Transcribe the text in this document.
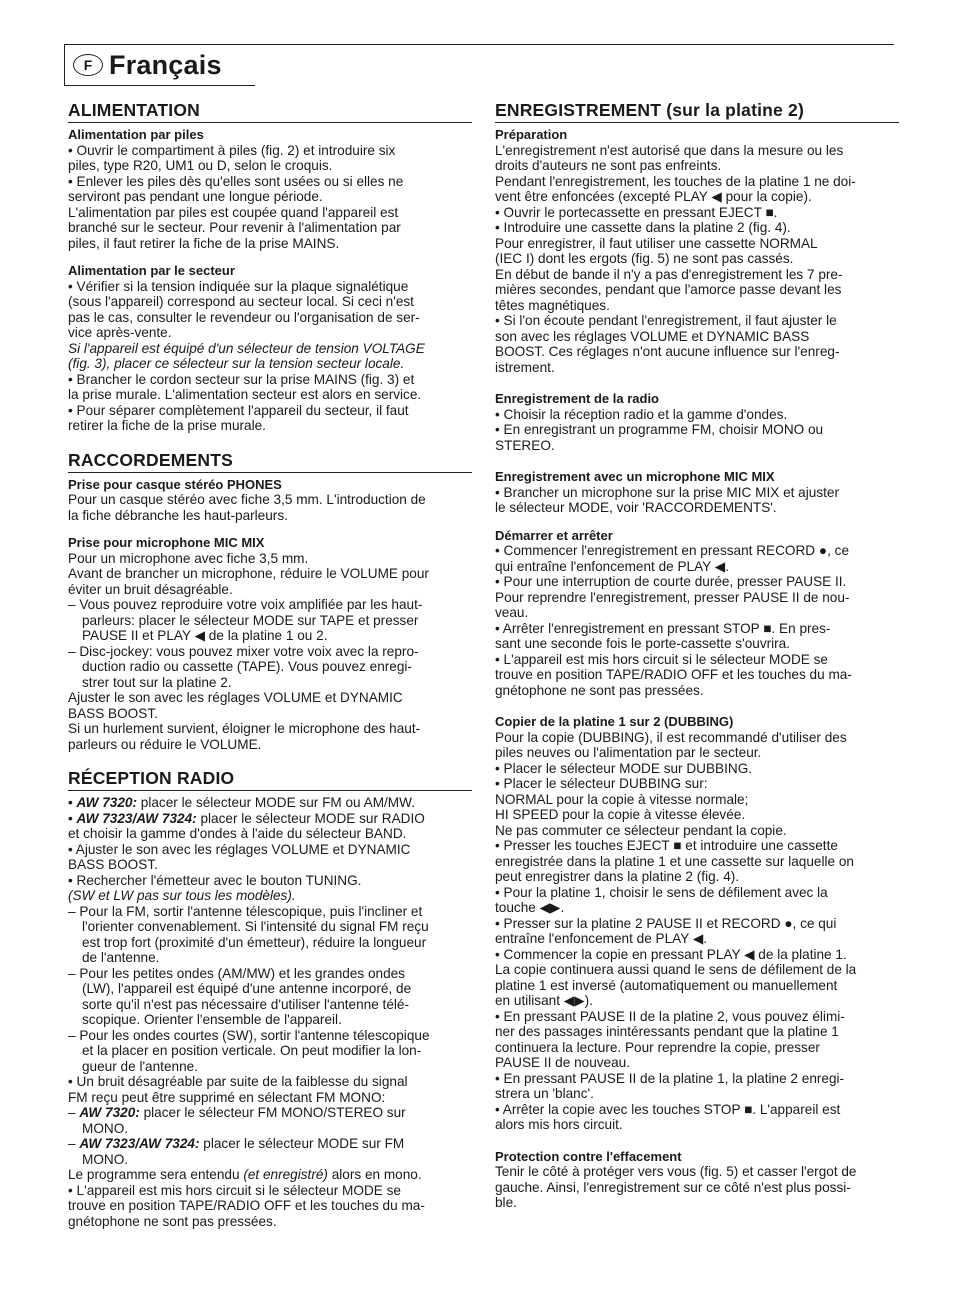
F Français
ALIMENTATION

Alimentation par piles

• Ouvrir le compartiment à piles (fig. 2) et introduire six

piles, type R20, UM1 ou D, selon le croquis.

• Enlever les piles dès qu'elles sont usées ou si elles ne

serviront pas pendant une longue période.

L'alimentation par piles est coupée quand l'appareil est

branché sur le secteur. Pour revenir à l'alimentation par

piles, il faut retirer la fiche de la prise MAINS.

Alimentation par le secteur

• Vérifier si la tension indiquée sur la plaque signalétique

(sous l'appareil) correspond au secteur local. Si ceci n'est

pas le cas, consulter le revendeur ou l'organisation de ser-

vice après-vente.

Si l'appareil est équipé d'un sélecteur de tension VOLTAGE

(fig. 3), placer ce sélecteur sur la tension secteur locale.

• Brancher le cordon secteur sur la prise MAINS (fig. 3) et

la prise murale. L'alimentation secteur est alors en service.

• Pour séparer complètement l'appareil du secteur, il faut

retirer la fiche de la prise murale.

RACCORDEMENTS

Prise pour casque stéréo PHONES

Pour un casque stéréo avec fiche 3,5 mm. L'introduction de

la fiche débranche les haut-parleurs.

Prise pour microphone MIC MIX

Pour un microphone avec fiche 3,5 mm.

Avant de brancher un microphone, réduire le VOLUME pour

éviter un bruit désagréable.

– Vous pouvez reproduire votre voix amplifiée par les haut-

parleurs: placer le sélecteur MODE sur TAPE et presser

PAUSE II et PLAY ◀ de la platine 1 ou 2.

– Disc-jockey: vous pouvez mixer votre voix avec la repro-

duction radio ou cassette (TAPE). Vous pouvez enregi-

strer tout sur la platine 2.

Ajuster le son avec les réglages VOLUME et DYNAMIC

BASS BOOST.

Si un hurlement survient, éloigner le microphone des haut-

parleurs ou réduire le VOLUME.

RÉCEPTION RADIO

• AW 7320: placer le sélecteur MODE sur FM ou AM/MW.

• AW 7323/AW 7324: placer le sélecteur MODE sur RADIO

et choisir la gamme d'ondes à l'aide du sélecteur BAND.

• Ajuster le son avec les réglages VOLUME et DYNAMIC

BASS BOOST.

• Rechercher l'émetteur avec le bouton TUNING.

(SW et LW pas sur tous les modèles).

– Pour la FM, sortir l'antenne télescopique, puis l'incliner et

l'orienter convenablement. Si l'intensité du signal FM reçu

est trop fort (proximité d'un émetteur), réduire la longueur

de l'antenne.

– Pour les petites ondes (AM/MW) et les grandes ondes

(LW), l'appareil est équipé d'une antenne incorporé, de

sorte qu'il n'est pas nécessaire d'utiliser l'antenne télé-

scopique. Orienter l'ensemble de l'appareil.

– Pour les ondes courtes (SW), sortir l'antenne télescopique

et la placer en position verticale. On peut modifier la lon-

gueur de l'antenne.

• Un bruit désagréable par suite de la faiblesse du signal

FM reçu peut être supprimé en sélectant FM MONO:

– AW 7320: placer le sélecteur FM MONO/STEREO sur

MONO.

– AW 7323/AW 7324: placer le sélecteur MODE sur FM

MONO.

Le programme sera entendu (et enregistré) alors en mono.

• L'appareil est mis hors circuit si le sélecteur MODE se

trouve en position TAPE/RADIO OFF et les touches du ma-

gnétophone ne sont pas pressées.

ENREGISTREMENT (sur la platine 2)

Préparation

L'enregistrement n'est autorisé que dans la mesure ou les

droits d'auteurs ne sont pas enfreints.

Pendant l'enregistrement, les touches de la platine 1 ne doi-

vent être enfoncées (excepté PLAY ◀ pour la copie).

• Ouvrir le portecassette en pressant EJECT ■.

• Introduire une cassette dans la platine 2 (fig. 4).

Pour enregistrer, il faut utiliser une cassette NORMAL

(IEC I) dont les ergots (fig. 5) ne sont pas cassés.

En début de bande il n'y a pas d'enregistrement les 7 pre-

mières secondes, pendant que l'amorce passe devant les

têtes magnétiques.

• Si l'on écoute pendant l'enregistrement, il faut ajuster le

son avec les réglages VOLUME et DYNAMIC BASS

BOOST. Ces réglages n'ont aucune influence sur l'enreg-

istrement.

Enregistrement de la radio

• Choisir la réception radio et la gamme d'ondes.

• En enregistrant un programme FM, choisir MONO ou

STEREO.

Enregistrement avec un microphone MIC MIX

• Brancher un microphone sur la prise MIC MIX et ajuster

le sélecteur MODE, voir 'RACCORDEMENTS'.

Démarrer et arrêter

• Commencer l'enregistrement en pressant RECORD ●, ce

qui entraîne l'enfoncement de PLAY ◀.

• Pour une interruption de courte durée, presser PAUSE II.

Pour reprendre l'enregistrement, presser PAUSE II de nou-

veau.

• Arrêter l'enregistrement en pressant STOP ■. En pres-

sant une seconde fois le porte-cassette s'ouvrira.

• L'appareil est mis hors circuit si le sélecteur MODE se

trouve en position TAPE/RADIO OFF et les touches du ma-

gnétophone ne sont pas pressées.

Copier de la platine 1 sur 2 (DUBBING)

Pour la copie (DUBBING), il est recommandé d'utiliser des

piles neuves ou l'alimentation par le secteur.

• Placer le sélecteur MODE sur DUBBING.

• Placer le sélecteur DUBBING sur:

NORMAL pour la copie à vitesse normale;

HI SPEED pour la copie à vitesse élevée.

Ne pas commuter ce sélecteur pendant la copie.

• Presser les touches EJECT ■ et introduire une cassette

enregistrée dans la platine 1 et une cassette sur laquelle on

peut enregistrer dans la platine 2 (fig. 4).

• Pour la platine 1, choisir le sens de défilement avec la

touche ◀▶.

• Presser sur la platine 2 PAUSE II et RECORD ●, ce qui

entraîne l'enfoncement de PLAY ◀.

• Commencer la copie en pressant PLAY ◀ de la platine 1.

La copie continuera aussi quand le sens de défilement de la

platine 1 est inversé (automatiquement ou manuellement

en utilisant ◀▶).

• En pressant PAUSE II de la platine 2, vous pouvez élimi-

ner des passages inintéressants pendant que la platine 1

continuera la lecture. Pour reprendre la copie, presser

PAUSE II de nouveau.

• En pressant PAUSE II de la platine 1, la platine 2 enregi-

strera un 'blanc'.

• Arrêter la copie avec les touches STOP ■. L'appareil est

alors mis hors circuit.

Protection contre l'effacement

Tenir le côté à protéger vers vous (fig. 5) et casser l'ergot de

gauche. Ainsi, l'enregistrement sur ce côté n'est plus possi-

ble.
